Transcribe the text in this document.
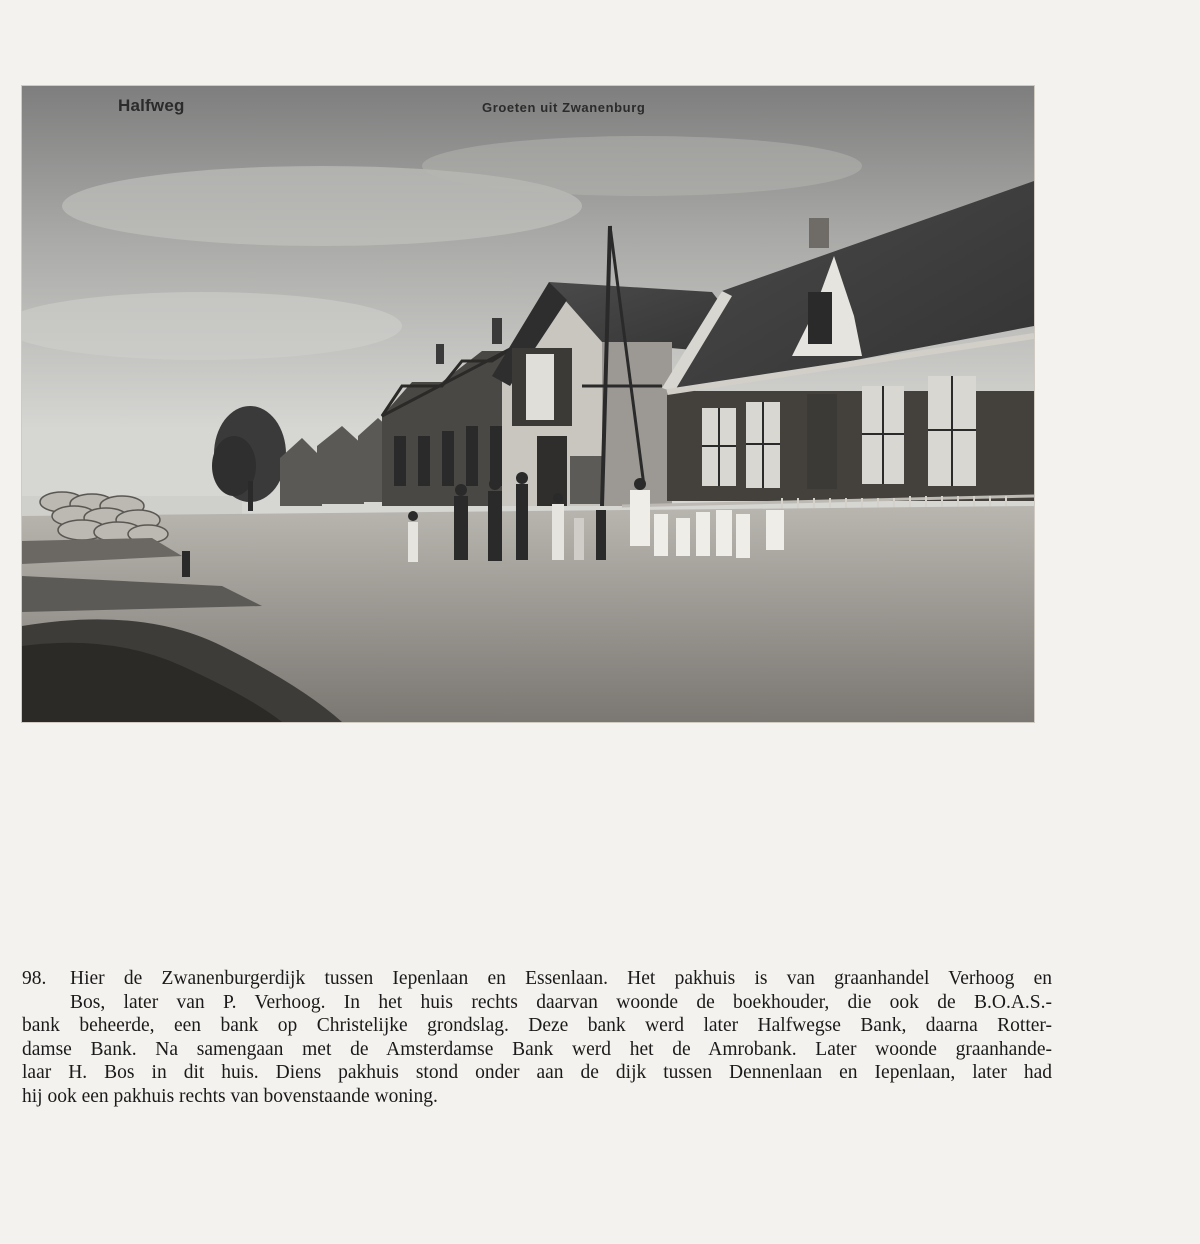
Halfweg	Groeten uit Zwanenburg
98. Hier de Zwanenburgerdijk tussen Iepenlaan en Essenlaan. Het pakhuis is van graanhandel Verhoog en
Bos, later van P. Verhoog. In het huis rechts daarvan woonde de boekhouder, die ook de B.O.A.S.-
bank beheerde, een bank op Christelijke grondslag. Deze bank werd later Halfwegse Bank, daarna Rotter-
damse Bank. Na samengaan met de Amsterdamse Bank werd het de Amrobank. Later woonde graanhande-
laar H. Bos in dit huis. Diens pakhuis stond onder aan de dijk tussen Dennenlaan en Iepenlaan, later had
hij ook een pakhuis rechts van bovenstaande woning.
